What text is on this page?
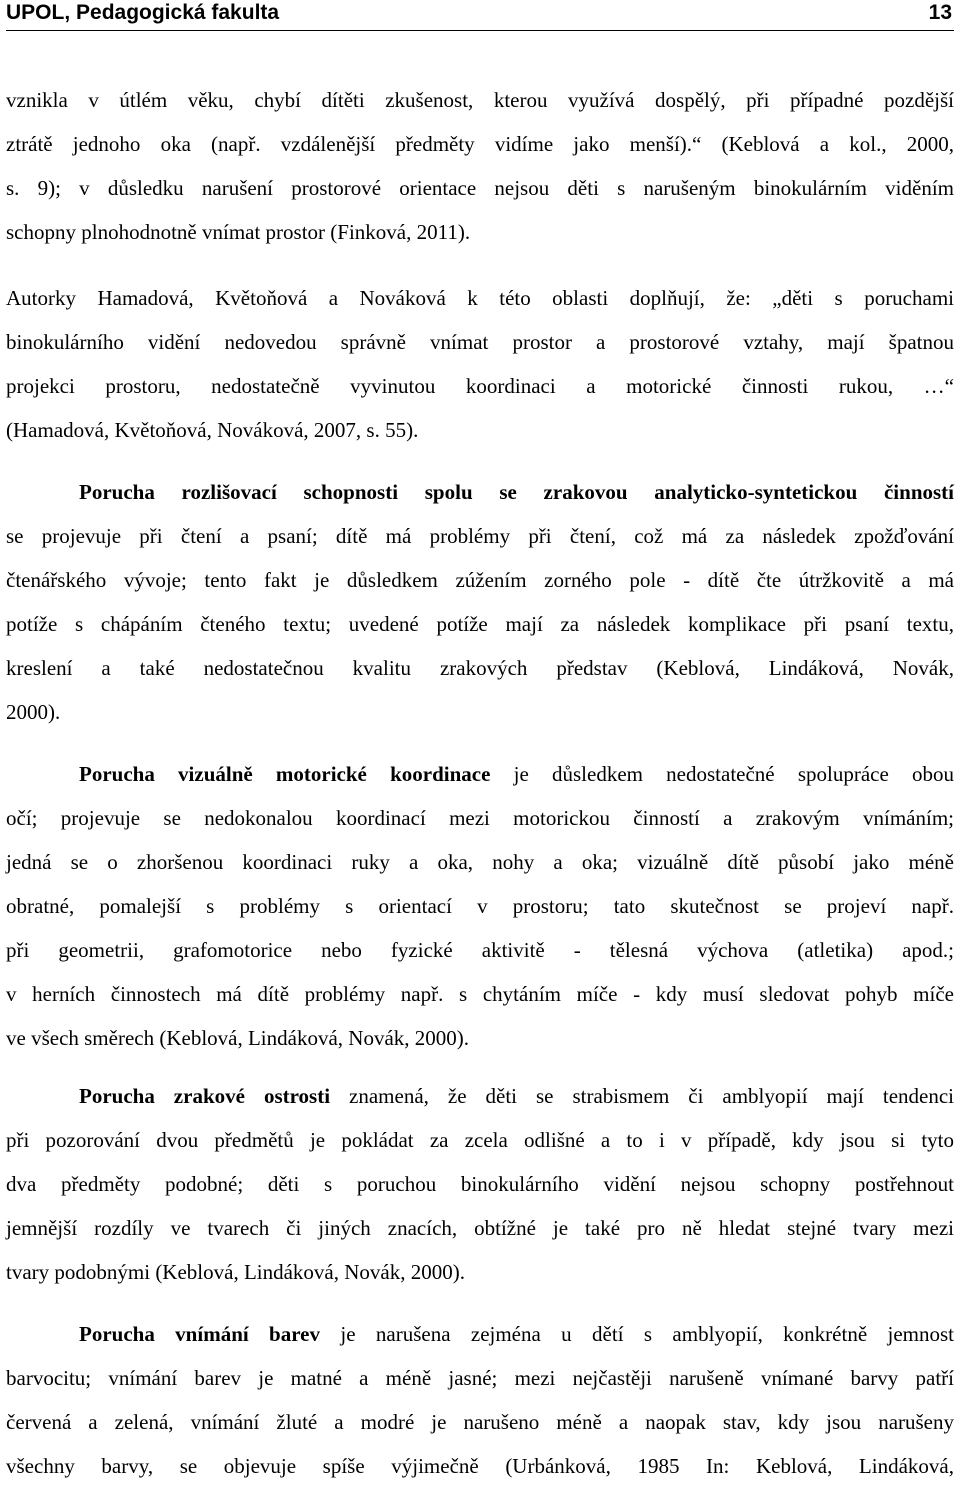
UPOL, Pedagogická fakulta	13
vznikla v útlém věku, chybí dítěti zkušenost, kterou využívá dospělý, při případné pozdější
ztrátě jednoho oka (např. vzdálenější předměty vidíme jako menší).“ (Keblová a kol., 2000,
s. 9); v důsledku narušení prostorové orientace nejsou děti s narušeným binokulárním viděním
schopny plnohodnotně vnímat prostor (Finková, 2011).
Autorky Hamadová, Květoňová a Nováková k této oblasti doplňují, že: „děti s poruchami
binokulárního vidění nedovedou správně vnímat prostor a prostorové vztahy, mají špatnou
projekci prostoru, nedostatečně vyvinutou koordinaci a motorické činnosti rukou, …“
(Hamadová, Květoňová, Nováková, 2007, s. 55).
Porucha rozlišovací schopnosti spolu se zrakovou analyticko-syntetickou činností
se projevuje při čtení a psaní; dítě má problémy při čtení, což má za následek zpožďování
čtenářského vývoje; tento fakt je důsledkem zúžením zorného pole - dítě čte útržkovitě a má
potíže s chápáním čteného textu; uvedené potíže mají za následek komplikace při psaní textu,
kreslení a také nedostatečnou kvalitu zrakových představ (Keblová, Lindáková, Novák,
2000).
Porucha vizuálně motorické koordinace je důsledkem nedostatečné spolupráce obou
očí; projevuje se nedokonalou koordinací mezi motorickou činností a zrakovým vnímáním;
jedná se o zhoršenou koordinaci ruky a oka, nohy a oka; vizuálně dítě působí jako méně
obratné, pomalejší s problémy s orientací v prostoru; tato skutečnost se projeví např.
při geometrii, grafomotorice nebo fyzické aktivitě - tělesná výchova (atletika) apod.;
v herních činnostech má dítě problémy např. s chytáním míče - kdy musí sledovat pohyb míče
ve všech směrech (Keblová, Lindáková, Novák, 2000).
Porucha zrakové ostrosti znamená, že děti se strabismem či amblyopií mají tendenci
při pozorování dvou předmětů je pokládat za zcela odlišné a to i v případě, kdy jsou si tyto
dva předměty podobné; děti s poruchou binokulárního vidění nejsou schopny postřehnout
jemnější rozdíly ve tvarech či jiných znacích, obtížné je také pro ně hledat stejné tvary mezi
tvary podobnými (Keblová, Lindáková, Novák, 2000).
Porucha vnímání barev je narušena zejména u dětí s amblyopií, konkrétně jemnost
barvocitu; vnímání barev je matné a méně jasné; mezi nejčastěji narušeně vnímané barvy patří
červená a zelená, vnímání žluté a modré je narušeno méně a naopak stav, kdy jsou narušeny
všechny barvy, se objevuje spíše výjimečně (Urbánková, 1985 In: Keblová, Lindáková,
